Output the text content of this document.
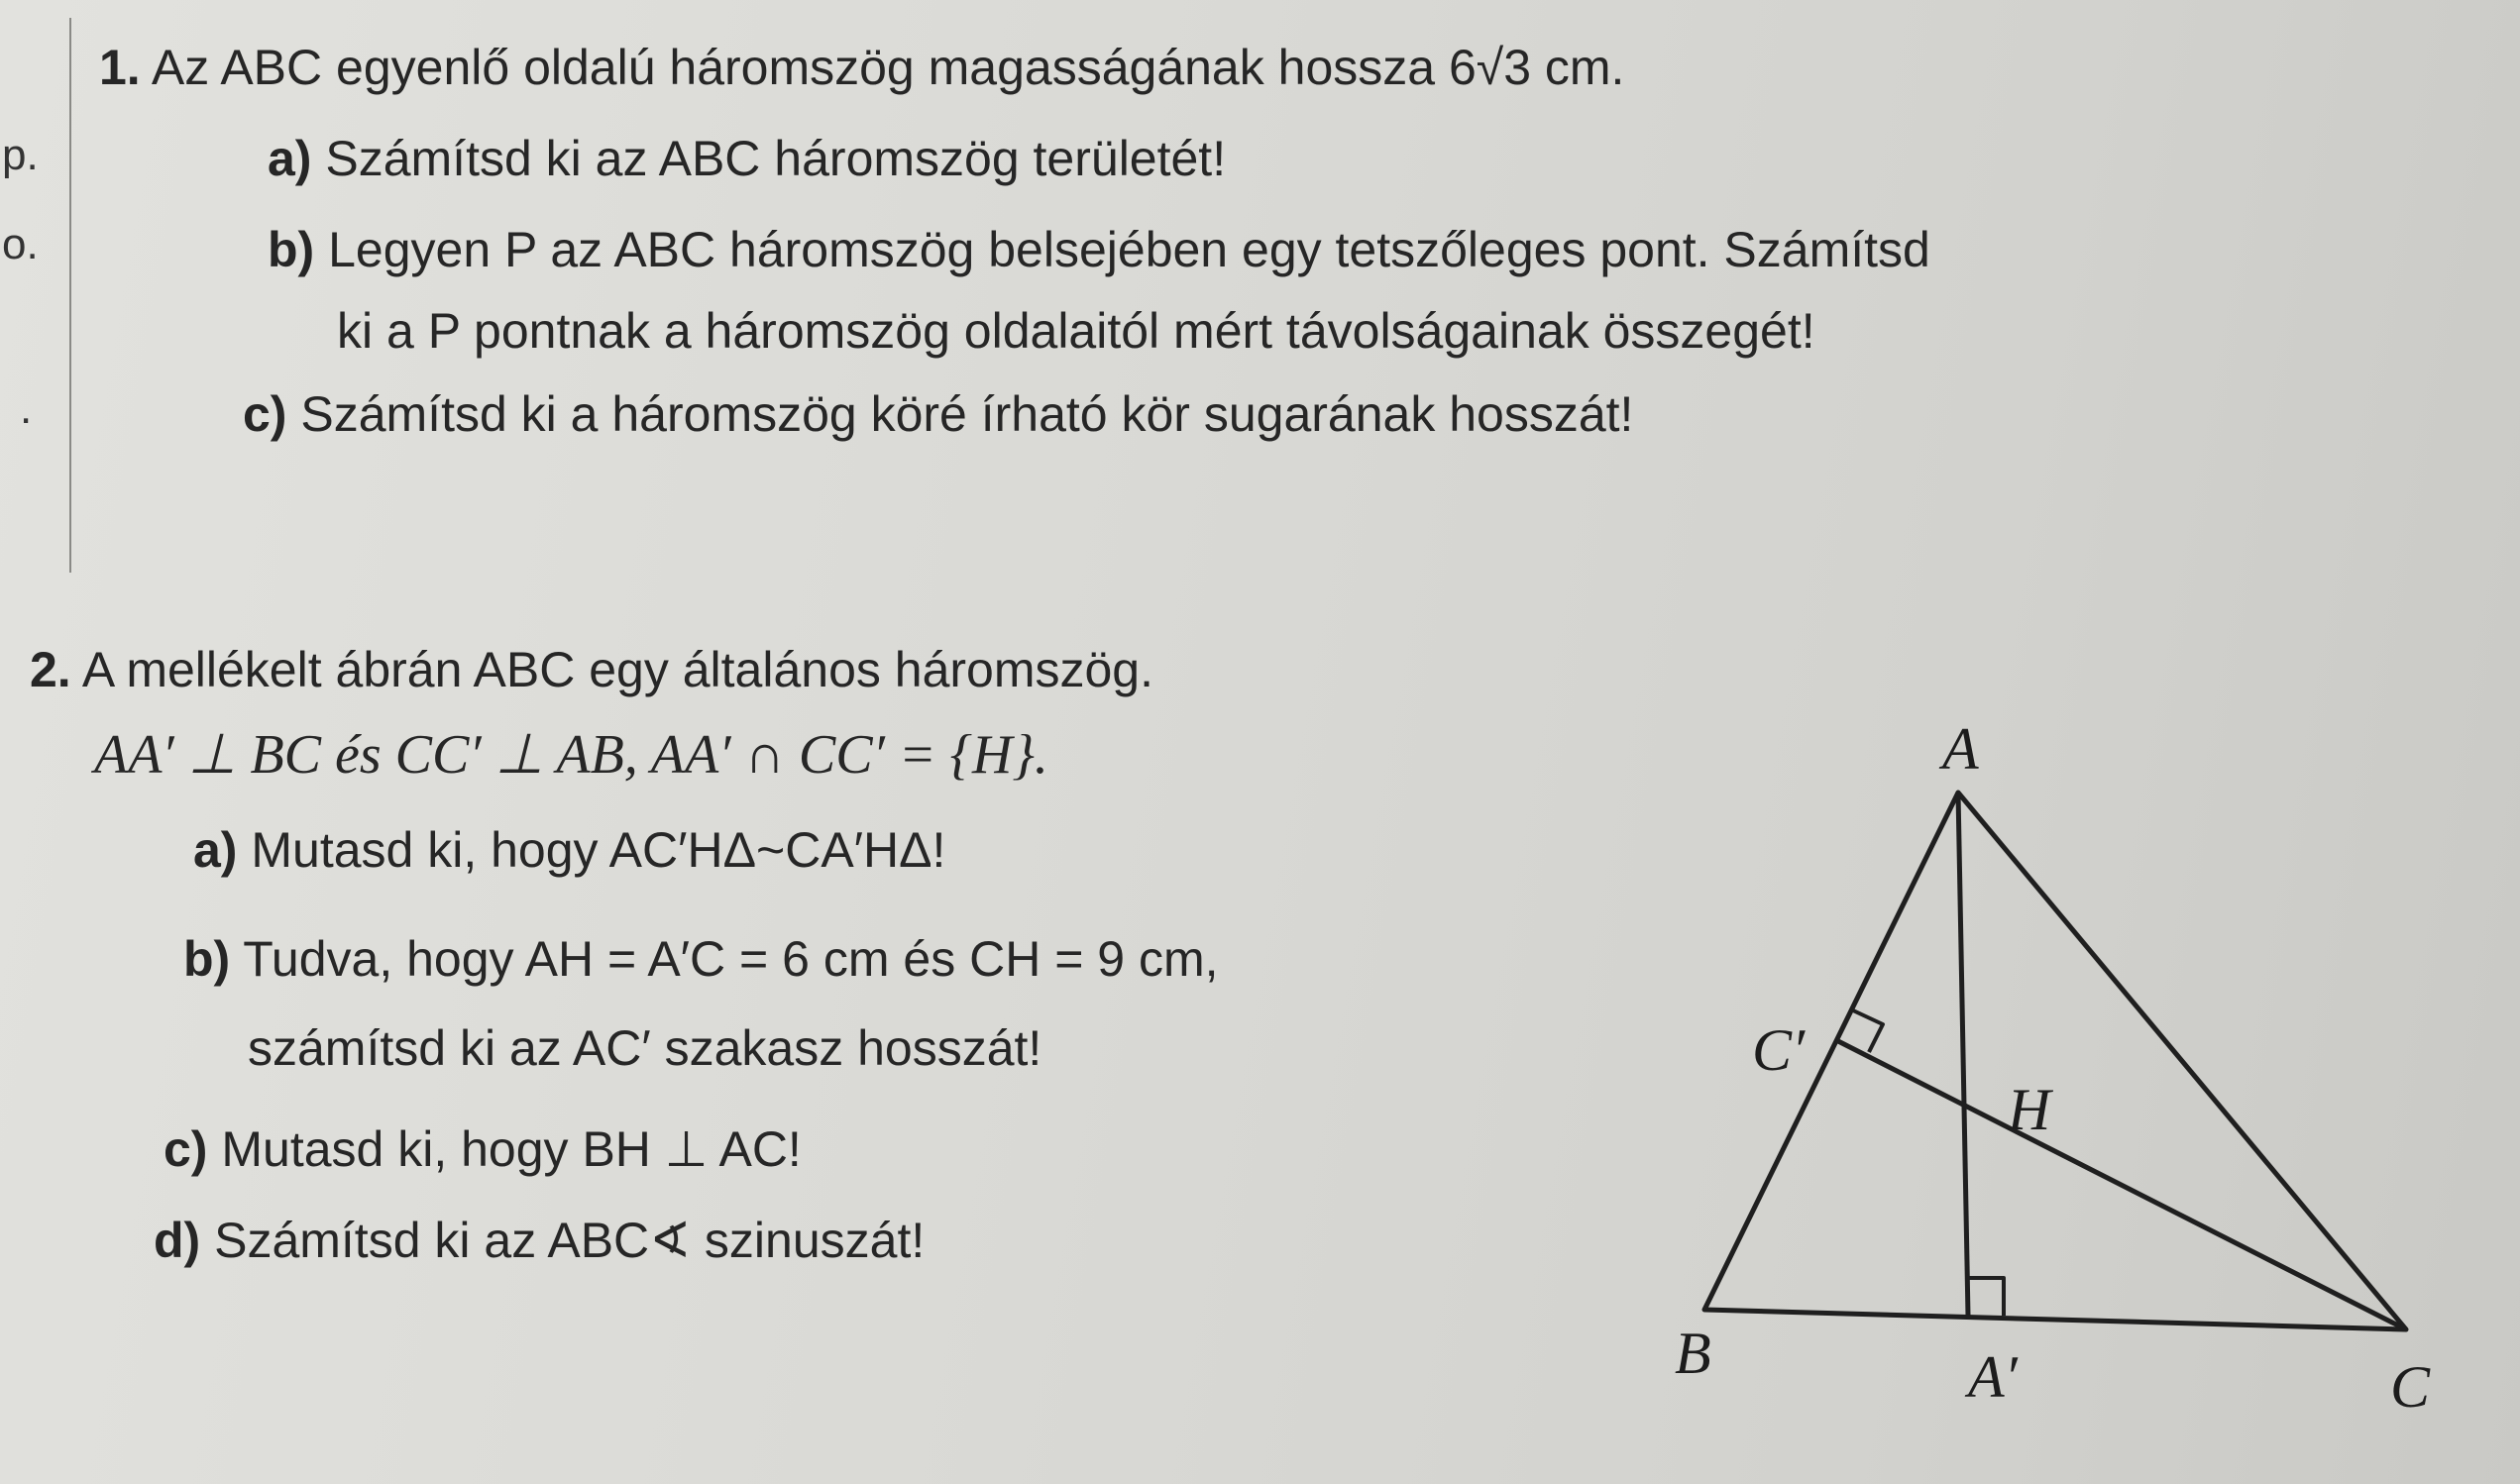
p.
o.
.
1. Az ABC egyenlő oldalú háromszög magasságának hossza 6√3 cm.
a) Számítsd ki az ABC háromszög területét!
b) Legyen P az ABC háromszög belsejében egy tetszőleges pont. Számítsd
ki a P pontnak a háromszög oldalaitól mért távolságainak összegét!
c) Számítsd ki a háromszög köré írható kör sugarának hosszát!
2. A mellékelt ábrán ABC egy általános háromszög.
AA′ ⊥ BC és CC′ ⊥ AB, AA′ ∩ CC′ = {H}.
a) Mutasd ki, hogy AC′HΔ~CA′HΔ!
b) Tudva, hogy AH = A′C = 6 cm és CH = 9 cm,
számítsd ki az AC′ szakasz hosszát!
c) Mutasd ki, hogy BH ⊥ AC!
d) Számítsd ki az ABC∢ szinuszát!
A
B
C
A′
C′
H
